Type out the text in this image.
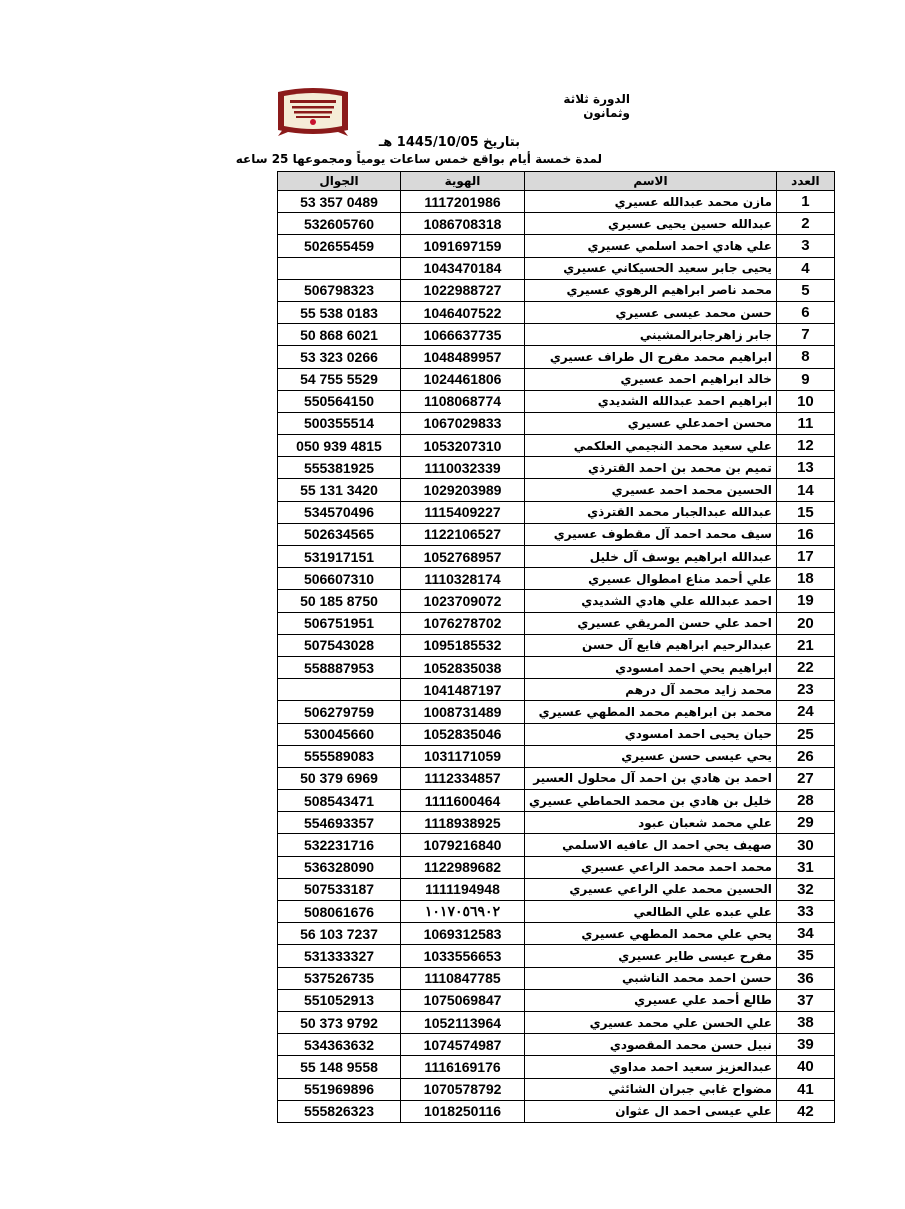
الدورة ثلاثة وثمانون
بتاريخ 1445/10/05 هـ
لمدة خمسة أيام بواقع خمس ساعات يومياً ومجموعها 25 ساعه
الجوال	الهوية	الاسم	العدد
53 357 0489	1117201986	مازن محمد عبدالله عسيري	1
532605760	1086708318	عبدالله حسين يحيى عسيري	2
502655459	1091697159	علي هادي احمد اسلمي عسيري	3
	1043470184	يحيى جابر سعيد الحسيكاني عسيري	4
506798323	1022988727	محمد ناصر ابراهيم الرهوي عسيري	5
55 538 0183	1046407522	حسن محمد عيسى عسيري	6
50 868 6021	1066637735	جابر زاهرجابرالمشيني	7
53 323 0266	1048489957	ابراهيم محمد مفرح ال طراف عسيري	8
54 755 5529	1024461806	خالد ابراهيم احمد عسيري	9
550564150	1108068774	ابراهيم احمد عبدالله الشديدي	10
500355514	1067029833	محسن احمدعلي عسيري	11
050 939 4815	1053207310	علي سعيد محمد النجيمي العلكمي	12
555381925	1110032339	تميم بن محمد بن احمد القترذي	13
55 131 3420	1029203989	الحسين محمد احمد عسيري	14
534570496	1115409227	عبدالله عبدالجبار محمد القترذي	15
502634565	1122106527	سيف محمد احمد آل مقطوف عسيري	16
531917151	1052768957	عبدالله ابراهيم يوسف آل خليل	17
506607310	1110328174	علي أحمد مناع امطوال عسيري	18
50 185 8750	1023709072	احمد عبدالله علي هادي الشديدي	19
506751951	1076278702	احمد علي حسن المريقي عسيري	20
507543028	1095185532	عبدالرحيم ابراهيم فايع آل حسن	21
558887953	1052835038	ابراهيم يحي احمد امسودي	22
	1041487197	محمد زايد محمد آل درهم	23
506279759	1008731489	محمد بن ابراهيم محمد المطهي عسيري	24
530045660	1052835046	حيان يحيى احمد امسودي	25
555589083	1031171059	يحي عيسى حسن عسيري	26
50 379 6969	1112334857	احمد بن هادي بن احمد آل محلول العسير	27
508543471	1111600464	خليل بن هادي بن محمد الحماطي عسيري	28
554693357	1118938925	علي محمد شعبان عبود	29
532231716	1079216840	صهيف يحي احمد ال عافيه الاسلمي	30
536328090	1122989682	محمد احمد محمد الراعي عسيري	31
507533187	1111194948	الحسين محمد علي الراعي عسيري	32
508061676	١٠١٧٠٥٦٩٠٢	علي عبده علي الطالعي	33
56 103 7237	1069312583	يحي علي محمد المطهي عسيري	34
531333327	1033556653	مفرح عيسى طاير عسيري	35
537526735	1110847785	حسن احمد محمد الناشبي	36
551052913	1075069847	طالع أحمد علي عسيري	37
50 373 9792	1052113964	علي الحسن علي محمد عسيري	38
534363632	1074574987	نبيل حسن محمد المقصودي	39
55 148 9558	1116169176	عبدالعزيز سعيد احمد مداوي	40
551969896	1070578792	مضواح غابي جبران الشائثي	41
555826323	1018250116	علي عيسى احمد ال عثوان	42
